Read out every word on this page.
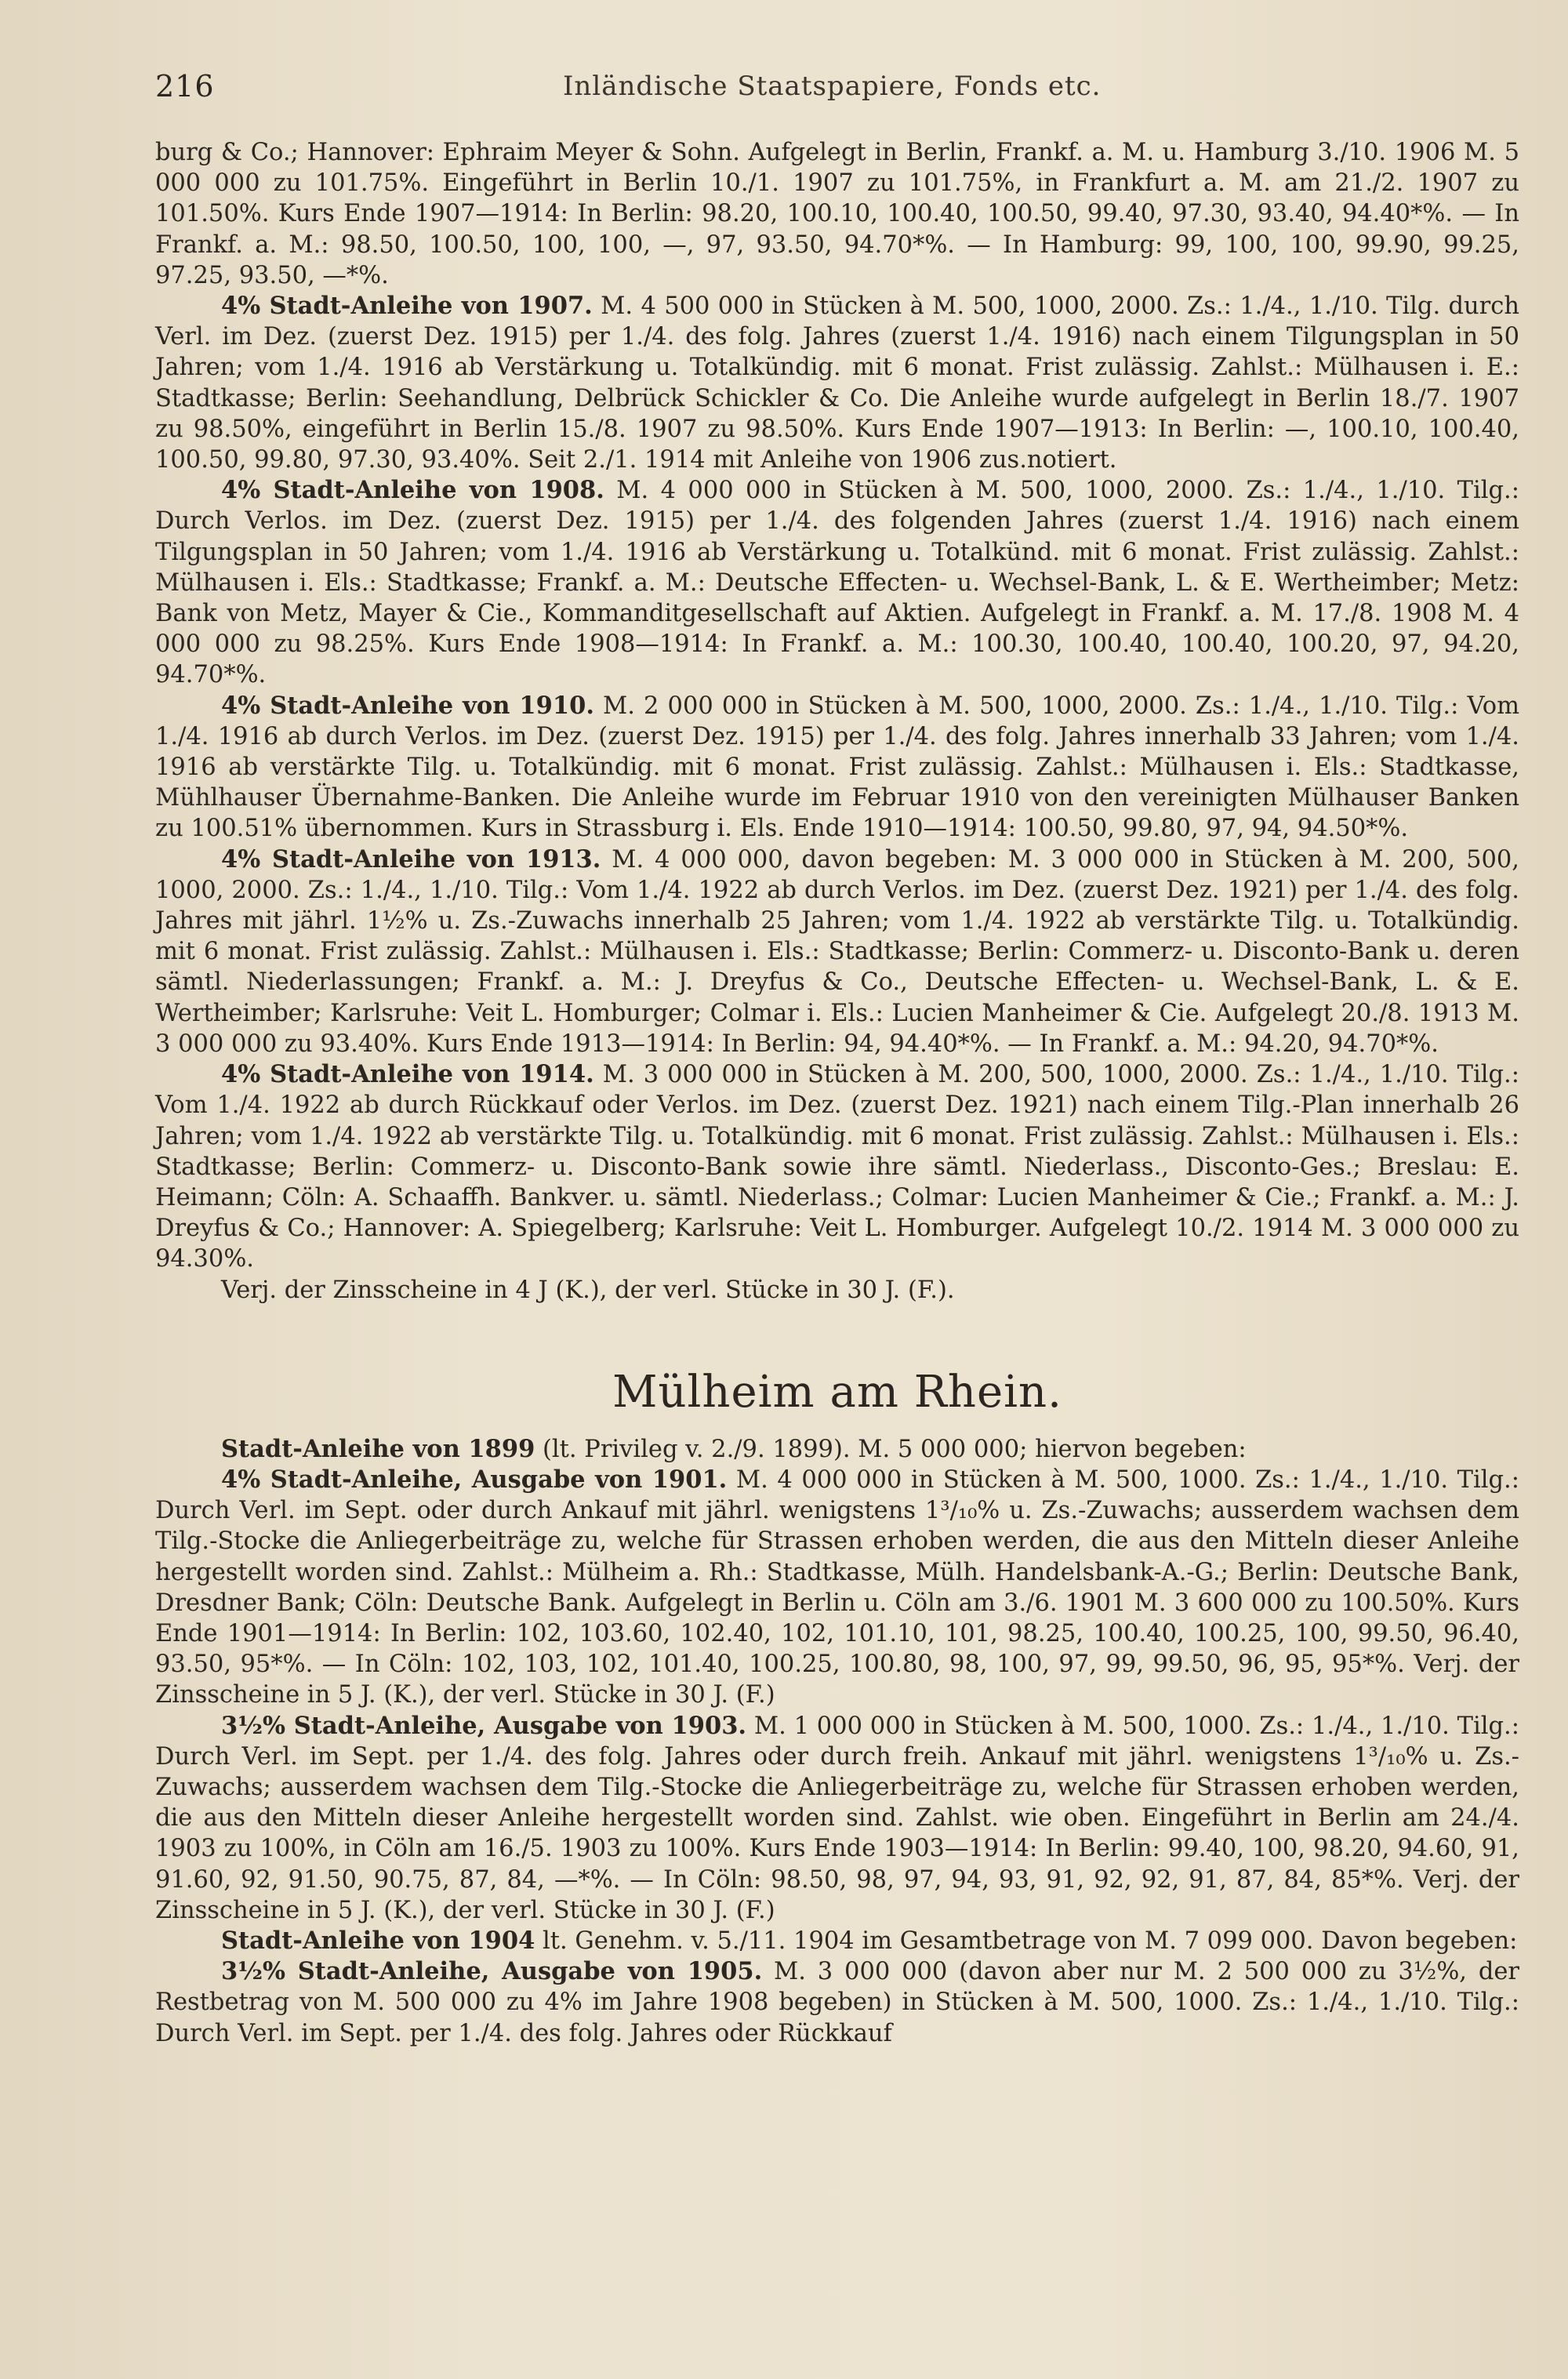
216	Inländische Staatspapiere, Fonds etc.

burg & Co.; Hannover: Ephraim Meyer & Sohn. Aufgelegt in Berlin, Frankf. a. M. u. Hamburg 3./10. 1906 M. 5 000 000 zu 101.75%. Eingeführt in Berlin 10./1. 1907 zu 101.75%, in Frankfurt a. M. am 21./2. 1907 zu 101.50%. Kurs Ende 1907—1914: In Berlin: 98.20, 100.10, 100.40, 100.50, 99.40, 97.30, 93.40, 94.40*%. — In Frankf. a. M.: 98.50, 100.50, 100, 100, —, 97, 93.50, 94.70*%. — In Hamburg: 99, 100, 100, 99.90, 99.25, 97.25, 93.50, —*%.

4% Stadt-Anleihe von 1907. M. 4 500 000 in Stücken à M. 500, 1000, 2000. Zs.: 1./4., 1./10. Tilg. durch Verl. im Dez. (zuerst Dez. 1915) per 1./4. des folg. Jahres (zuerst 1./4. 1916) nach einem Tilgungsplan in 50 Jahren; vom 1./4. 1916 ab Verstärkung u. Totalkündig. mit 6 monat. Frist zulässig. Zahlst.: Mülhausen i. E.: Stadtkasse; Berlin: Seehandlung, Delbrück Schickler & Co. Die Anleihe wurde aufgelegt in Berlin 18./7. 1907 zu 98.50%, eingeführt in Berlin 15./8. 1907 zu 98.50%. Kurs Ende 1907—1913: In Berlin: —, 100.10, 100.40, 100.50, 99.80, 97.30, 93.40%. Seit 2./1. 1914 mit Anleihe von 1906 zus.notiert.

4% Stadt-Anleihe von 1908. M. 4 000 000 in Stücken à M. 500, 1000, 2000. Zs.: 1./4., 1./10. Tilg.: Durch Verlos. im Dez. (zuerst Dez. 1915) per 1./4. des folgenden Jahres (zuerst 1./4. 1916) nach einem Tilgungsplan in 50 Jahren; vom 1./4. 1916 ab Verstärkung u. Totalkünd. mit 6 monat. Frist zulässig. Zahlst.: Mülhausen i. Els.: Stadtkasse; Frankf. a. M.: Deutsche Effecten- u. Wechsel-Bank, L. & E. Wertheimber; Metz: Bank von Metz, Mayer & Cie., Kommanditgesellschaft auf Aktien. Aufgelegt in Frankf. a. M. 17./8. 1908 M. 4 000 000 zu 98.25%. Kurs Ende 1908—1914: In Frankf. a. M.: 100.30, 100.40, 100.40, 100.20, 97, 94.20, 94.70*%.

4% Stadt-Anleihe von 1910. M. 2 000 000 in Stücken à M. 500, 1000, 2000. Zs.: 1./4., 1./10. Tilg.: Vom 1./4. 1916 ab durch Verlos. im Dez. (zuerst Dez. 1915) per 1./4. des folg. Jahres innerhalb 33 Jahren; vom 1./4. 1916 ab verstärkte Tilg. u. Totalkündig. mit 6 monat. Frist zulässig. Zahlst.: Mülhausen i. Els.: Stadtkasse, Mühlhauser Übernahme-Banken. Die Anleihe wurde im Februar 1910 von den vereinigten Mülhauser Banken zu 100.51% übernommen. Kurs in Strassburg i. Els. Ende 1910—1914: 100.50, 99.80, 97, 94, 94.50*%.

4% Stadt-Anleihe von 1913. M. 4 000 000, davon begeben: M. 3 000 000 in Stücken à M. 200, 500, 1000, 2000. Zs.: 1./4., 1./10. Tilg.: Vom 1./4. 1922 ab durch Verlos. im Dez. (zuerst Dez. 1921) per 1./4. des folg. Jahres mit jährl. 1½% u. Zs.-Zuwachs innerhalb 25 Jahren; vom 1./4. 1922 ab verstärkte Tilg. u. Totalkündig. mit 6 monat. Frist zulässig. Zahlst.: Mülhausen i. Els.: Stadtkasse; Berlin: Commerz- u. Disconto-Bank u. deren sämtl. Niederlassungen; Frankf. a. M.: J. Dreyfus & Co., Deutsche Effecten- u. Wechsel-Bank, L. & E. Wertheimber; Karlsruhe: Veit L. Homburger; Colmar i. Els.: Lucien Manheimer & Cie. Aufgelegt 20./8. 1913 M. 3 000 000 zu 93.40%. Kurs Ende 1913—1914: In Berlin: 94, 94.40*%. — In Frankf. a. M.: 94.20, 94.70*%.

4% Stadt-Anleihe von 1914. M. 3 000 000 in Stücken à M. 200, 500, 1000, 2000. Zs.: 1./4., 1./10. Tilg.: Vom 1./4. 1922 ab durch Rückkauf oder Verlos. im Dez. (zuerst Dez. 1921) nach einem Tilg.-Plan innerhalb 26 Jahren; vom 1./4. 1922 ab verstärkte Tilg. u. Totalkündig. mit 6 monat. Frist zulässig. Zahlst.: Mülhausen i. Els.: Stadtkasse; Berlin: Commerz- u. Disconto-Bank sowie ihre sämtl. Niederlass., Disconto-Ges.; Breslau: E. Heimann; Cöln: A. Schaaffh. Bankver. u. sämtl. Niederlass.; Colmar: Lucien Manheimer & Cie.; Frankf. a. M.: J. Dreyfus & Co.; Hannover: A. Spiegelberg; Karlsruhe: Veit L. Homburger. Aufgelegt 10./2. 1914 M. 3 000 000 zu 94.30%.

Verj. der Zinsscheine in 4 J (K.), der verl. Stücke in 30 J. (F.).

Mülheim am Rhein.

Stadt-Anleihe von 1899 (lt. Privileg v. 2./9. 1899). M. 5 000 000; hiervon begeben:

4% Stadt-Anleihe, Ausgabe von 1901. M. 4 000 000 in Stücken à M. 500, 1000. Zs.: 1./4., 1./10. Tilg.: Durch Verl. im Sept. oder durch Ankauf mit jährl. wenigstens 1³/₁₀% u. Zs.-Zuwachs; ausserdem wachsen dem Tilg.-Stocke die Anliegerbeiträge zu, welche für Strassen erhoben werden, die aus den Mitteln dieser Anleihe hergestellt worden sind. Zahlst.: Mülheim a. Rh.: Stadtkasse, Mülh. Handelsbank-A.-G.; Berlin: Deutsche Bank, Dresdner Bank; Cöln: Deutsche Bank. Aufgelegt in Berlin u. Cöln am 3./6. 1901 M. 3 600 000 zu 100.50%. Kurs Ende 1901—1914: In Berlin: 102, 103.60, 102.40, 102, 101.10, 101, 98.25, 100.40, 100.25, 100, 99.50, 96.40, 93.50, 95*%. — In Cöln: 102, 103, 102, 101.40, 100.25, 100.80, 98, 100, 97, 99, 99.50, 96, 95, 95*%. Verj. der Zinsscheine in 5 J. (K.), der verl. Stücke in 30 J. (F.)

3½% Stadt-Anleihe, Ausgabe von 1903. M. 1 000 000 in Stücken à M. 500, 1000. Zs.: 1./4., 1./10. Tilg.: Durch Verl. im Sept. per 1./4. des folg. Jahres oder durch freih. Ankauf mit jährl. wenigstens 1³/₁₀% u. Zs.-Zuwachs; ausserdem wachsen dem Tilg.-Stocke die Anliegerbeiträge zu, welche für Strassen erhoben werden, die aus den Mitteln dieser Anleihe hergestellt worden sind. Zahlst. wie oben. Eingeführt in Berlin am 24./4. 1903 zu 100%, in Cöln am 16./5. 1903 zu 100%. Kurs Ende 1903—1914: In Berlin: 99.40, 100, 98.20, 94.60, 91, 91.60, 92, 91.50, 90.75, 87, 84, —*%. — In Cöln: 98.50, 98, 97, 94, 93, 91, 92, 92, 91, 87, 84, 85*%. Verj. der Zinsscheine in 5 J. (K.), der verl. Stücke in 30 J. (F.)

Stadt-Anleihe von 1904 lt. Genehm. v. 5./11. 1904 im Gesamtbetrage von M. 7 099 000. Davon begeben:

3½% Stadt-Anleihe, Ausgabe von 1905. M. 3 000 000 (davon aber nur M. 2 500 000 zu 3½%, der Restbetrag von M. 500 000 zu 4% im Jahre 1908 begeben) in Stücken à M. 500, 1000. Zs.: 1./4., 1./10. Tilg.: Durch Verl. im Sept. per 1./4. des folg. Jahres oder Rückkauf
